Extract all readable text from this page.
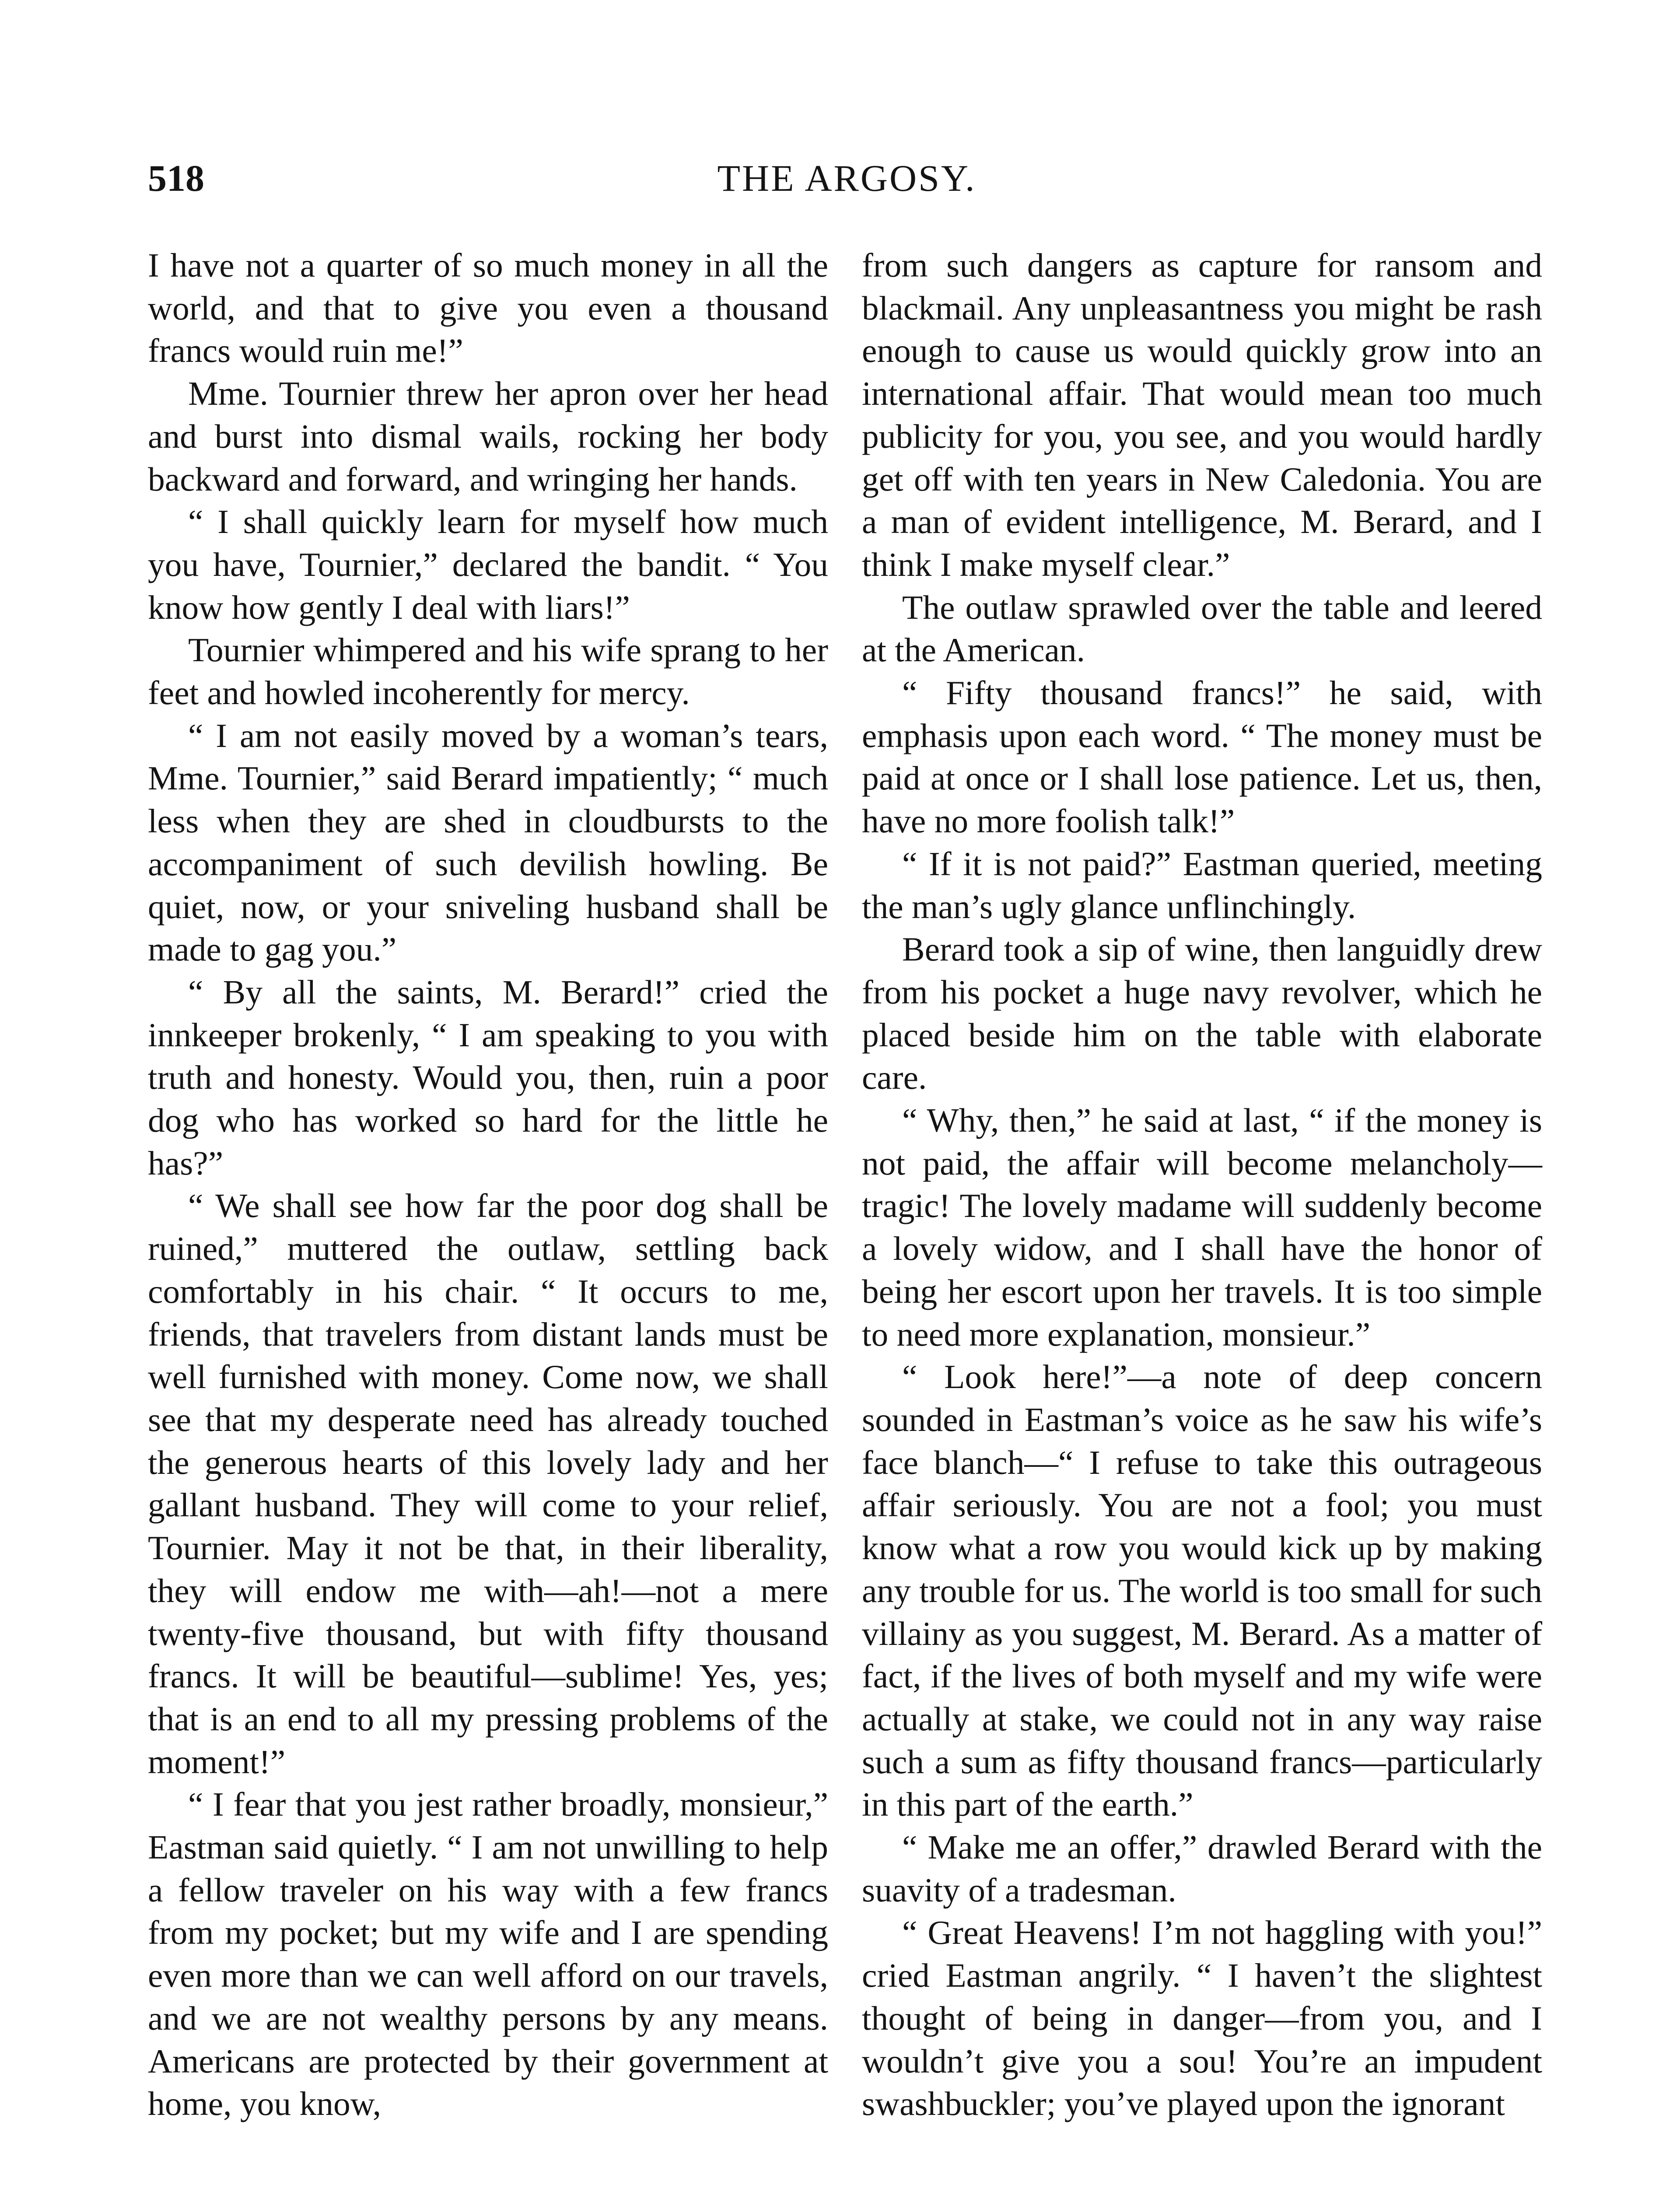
518	THE ARGOSY.

I have not a quarter of so much money in all the world, and that to give you even a thousand francs would ruin me!”

Mme. Tournier threw her apron over her head and burst into dismal wails, rocking her body backward and forward, and wringing her hands.

“ I shall quickly learn for myself how much you have, Tournier,” declared the bandit. “ You know how gently I deal with liars!”

Tournier whimpered and his wife sprang to her feet and howled incoherently for mercy.

“ I am not easily moved by a woman’s tears, Mme. Tournier,” said Berard impatiently; “ much less when they are shed in cloudbursts to the accompaniment of such devilish howling. Be quiet, now, or your sniveling husband shall be made to gag you.”

“ By all the saints, M. Berard!” cried the innkeeper brokenly, “ I am speaking to you with truth and honesty. Would you, then, ruin a poor dog who has worked so hard for the little he has?”

“ We shall see how far the poor dog shall be ruined,” muttered the outlaw, settling back comfortably in his chair. “ It occurs to me, friends, that travelers from distant lands must be well furnished with money. Come now, we shall see that my desperate need has already touched the generous hearts of this lovely lady and her gallant husband. They will come to your relief, Tournier. May it not be that, in their liberality, they will endow me with—ah!—not a mere twenty-five thousand, but with fifty thousand francs. It will be beautiful—sublime! Yes, yes; that is an end to all my pressing problems of the moment!”

“ I fear that you jest rather broadly, monsieur,” Eastman said quietly. “ I am not unwilling to help a fellow traveler on his way with a few francs from my pocket; but my wife and I are spending even more than we can well afford on our travels, and we are not wealthy persons by any means. Americans are protected by their government at home, you know,

from such dangers as capture for ransom and blackmail. Any unpleasantness you might be rash enough to cause us would quickly grow into an international affair. That would mean too much publicity for you, you see, and you would hardly get off with ten years in New Caledonia. You are a man of evident intelligence, M. Berard, and I think I make myself clear.”

The outlaw sprawled over the table and leered at the American.

“ Fifty thousand francs!” he said, with emphasis upon each word. “ The money must be paid at once or I shall lose patience. Let us, then, have no more foolish talk!”

“ If it is not paid?” Eastman queried, meeting the man’s ugly glance unflinchingly.

Berard took a sip of wine, then languidly drew from his pocket a huge navy revolver, which he placed beside him on the table with elaborate care.

“ Why, then,” he said at last, “ if the money is not paid, the affair will become melancholy—tragic! The lovely madame will suddenly become a lovely widow, and I shall have the honor of being her escort upon her travels. It is too simple to need more explanation, monsieur.”

“ Look here!”—a note of deep concern sounded in Eastman’s voice as he saw his wife’s face blanch—“ I refuse to take this outrageous affair seriously. You are not a fool; you must know what a row you would kick up by making any trouble for us. The world is too small for such villainy as you suggest, M. Berard. As a matter of fact, if the lives of both myself and my wife were actually at stake, we could not in any way raise such a sum as fifty thousand francs—particularly in this part of the earth.”

“ Make me an offer,” drawled Berard with the suavity of a tradesman.

“ Great Heavens! I’m not haggling with you!” cried Eastman angrily. “ I haven’t the slightest thought of being in danger—from you, and I wouldn’t give you a sou! You’re an impudent swashbuckler; you’ve played upon the ignorant
